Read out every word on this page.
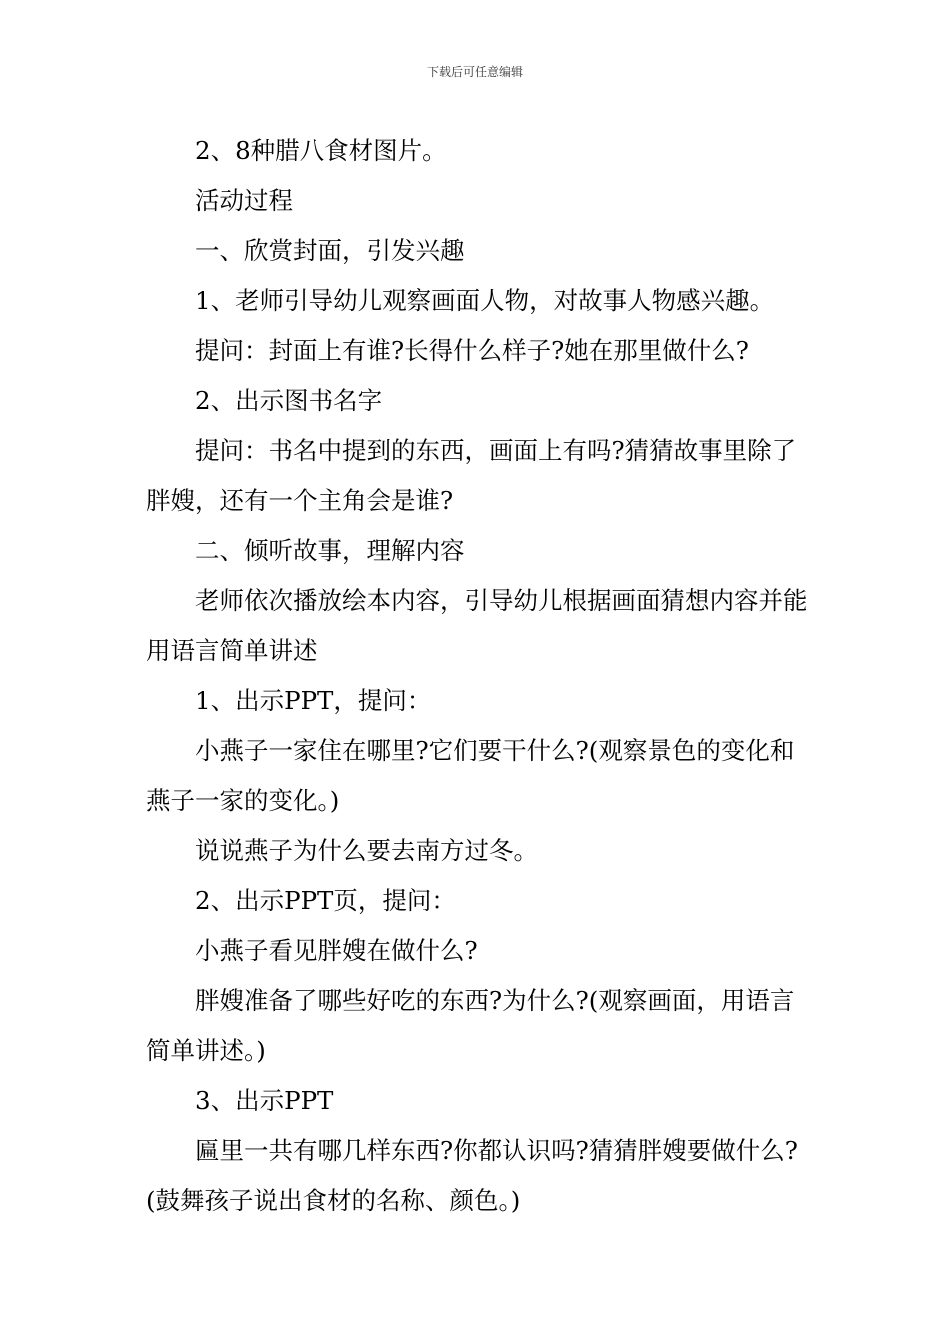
下载后可任意编辑

2、8种腊八食材图片。

活动过程

一、欣赏封面，引发兴趣

1、老师引导幼儿观察画面人物，对故事人物感兴趣。

提问：封面上有谁?长得什么样子?她在那里做什么?

2、出示图书名字

提问：书名中提到的东西，画面上有吗?猜猜故事里除了胖嫂，还有一个主角会是谁?

二、倾听故事，理解内容

老师依次播放绘本内容，引导幼儿根据画面猜想内容并能用语言简单讲述

1、出示PPT，提问：

小燕子一家住在哪里?它们要干什么?(观察景色的变化和燕子一家的变化。)

说说燕子为什么要去南方过冬。

2、出示PPT页，提问：

小燕子看见胖嫂在做什么?

胖嫂准备了哪些好吃的东西?为什么?(观察画面，用语言简单讲述。)

3、出示PPT

匾里一共有哪几样东西?你都认识吗?猜猜胖嫂要做什么?(鼓舞孩子说出食材的名称、颜色。)
